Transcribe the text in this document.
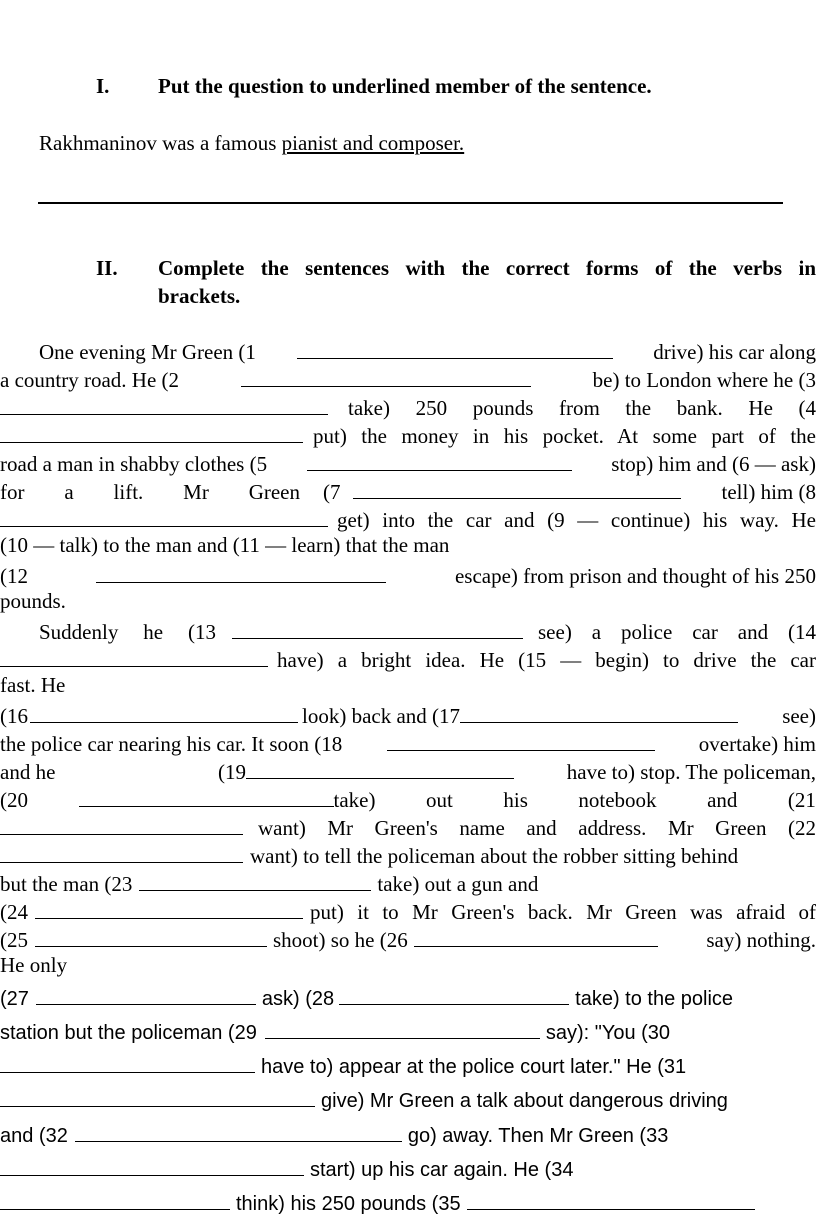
I. Put the question to underlined member of the sentence.
Rakhmaninov was a famous pianist and composer.
II. Complete the sentences with the correct forms of the verbs in
brackets.
One evening Mr Green (1	drive) his car along
a country road. He (2	be) to London where he (3
take) 250 pounds from the bank. He (4
put) the money in his pocket. At some part of the
road a man in shabby clothes (5	stop) him and (6 — ask)
for a lift. Mr Green (7	tell) him (8
get) into the car and (9 — continue) his way. He
(10 — talk) to the man and (11 — learn) that the man
(12	escape) from prison and thought of his 250
pounds.
Suddenly he (13	see) a police car and (14
have) a bright idea. He (15 — begin) to drive the car
fast. He
(16	look) back and (17	see)
the police car nearing his car. It soon (18	overtake) him
and he	(19	have to) stop. The policeman,
(20	take) out his notebook and (21
want) Mr Green's name and address. Mr Green (22
want) to tell the policeman about the robber sitting behind
but the man (23	take) out a gun and
(24	put) it to Mr Green's back. Mr Green was afraid of
(25	shoot) so he (26	say) nothing.
He only
(27	ask) (28	take) to the police
station but the policeman (29	say): "You (30
have to) appear at the police court later." He (31
give) Mr Green a talk about dangerous driving
and (32	go) away. Then Mr Green (33
start) up his car again. He (34
think) his 250 pounds (35
